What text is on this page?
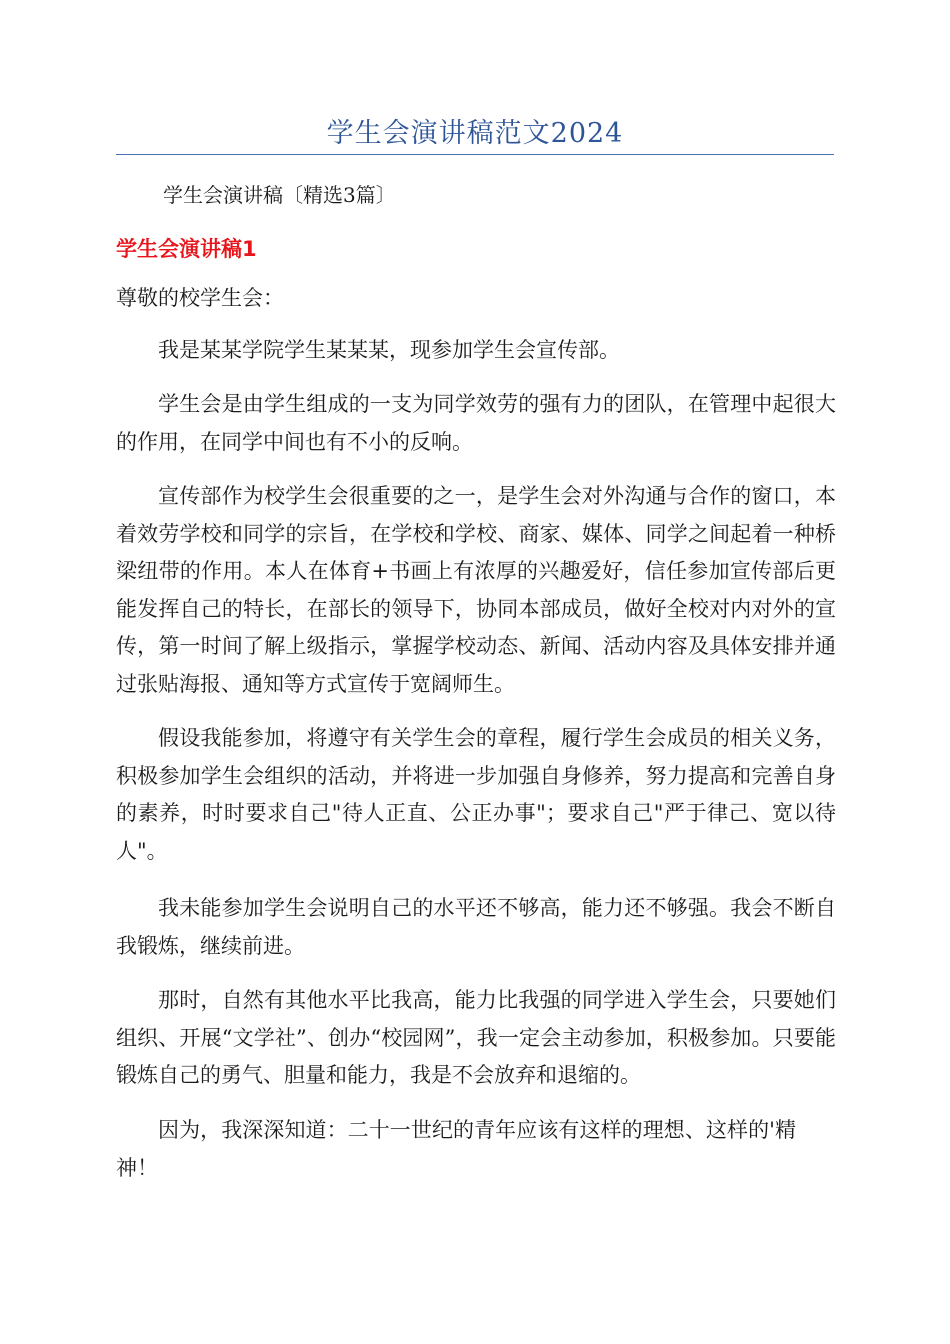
学生会演讲稿范文2024

学生会演讲稿〔精选3篇〕

学生会演讲稿1

尊敬的校学生会：

我是某某学院学生某某某，现参加学生会宣传部。

学生会是由学生组成的一支为同学效劳的强有力的团队，在管理中起很大的作用，在同学中间也有不小的反响。

宣传部作为校学生会很重要的之一，是学生会对外沟通与合作的窗口，本着效劳学校和同学的宗旨，在学校和学校、商家、媒体、同学之间起着一种桥梁纽带的作用。本人在体育+书画上有浓厚的兴趣爱好，信任参加宣传部后更能发挥自己的特长，在部长的领导下，协同本部成员，做好全校对内对外的宣传，第一时间了解上级指示，掌握学校动态、新闻、活动内容及具体安排并通过张贴海报、通知等方式宣传于宽阔师生。

假设我能参加，将遵守有关学生会的章程，履行学生会成员的相关义务，积极参加学生会组织的活动，并将进一步加强自身修养，努力提高和完善自身的素养，时时要求自己"待人正直、公正办事"；要求自己"严于律己、宽以待人"。

我未能参加学生会说明自己的水平还不够高，能力还不够强。我会不断自我锻炼，继续前进。

那时，自然有其他水平比我高，能力比我强的同学进入学生会，只要她们组织、开展“文学社”、创办“校园网”，我一定会主动参加，积极参加。只要能锻炼自己的勇气、胆量和能力，我是不会放弃和退缩的。

因为，我深深知道：二十一世纪的青年应该有这样的理想、这样的'精神！
